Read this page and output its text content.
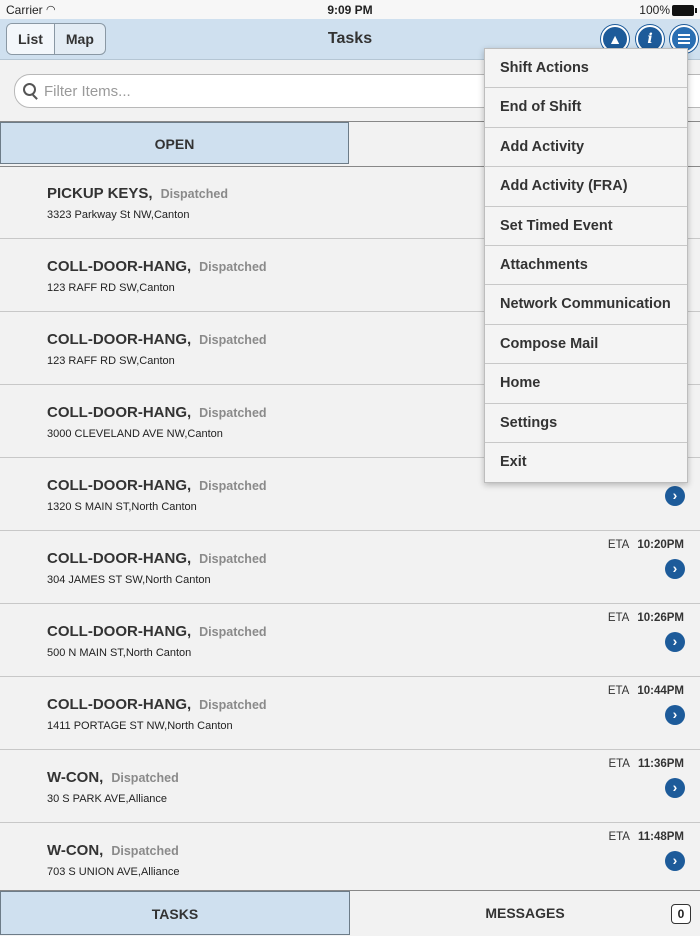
Carrier ◠	9:09 PM	100%
List	Map	Tasks	▲	i
Filter Items...
OPEN
PICKUP KEYS, Dispatched
3323 Parkway St NW,Canton
COLL-DOOR-HANG, Dispatched
123 RAFF RD SW,Canton
COLL-DOOR-HANG, Dispatched
123 RAFF RD SW,Canton
COLL-DOOR-HANG, Dispatched
3000 CLEVELAND AVE NW,Canton
COLL-DOOR-HANG, Dispatched
1320 S MAIN ST,North Canton
›
ETA 10:20PM
COLL-DOOR-HANG, Dispatched
304 JAMES ST SW,North Canton
›
ETA 10:26PM
COLL-DOOR-HANG, Dispatched
500 N MAIN ST,North Canton
›
ETA 10:44PM
COLL-DOOR-HANG, Dispatched
1411 PORTAGE ST NW,North Canton
›
ETA 11:36PM
W-CON, Dispatched
30 S PARK AVE,Alliance
›
ETA 11:48PM
W-CON, Dispatched
703 S UNION AVE,Alliance
›
Shift Actions
End of Shift
Add Activity
Add Activity (FRA)
Set Timed Event
Attachments
Network Communication
Compose Mail
Home
Settings
Exit
TASKS	MESSAGES	0
